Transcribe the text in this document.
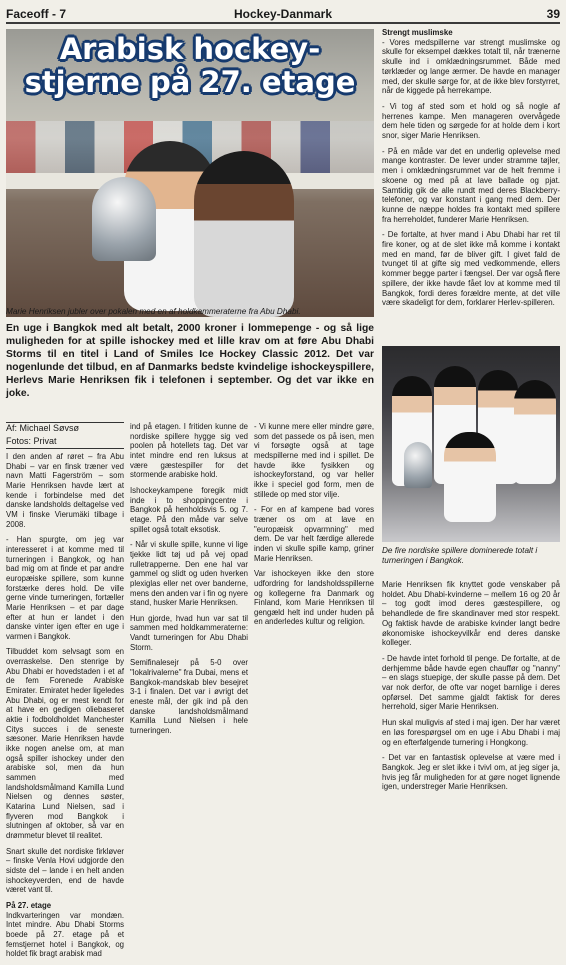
Faceoff - 7	Hockey-Danmark	39
Arabisk hockey-
stjerne på 27. etage
Marie Henriksen jubler over pokalen med en af holdkammeraterne fra Abu Dhabi.
En uge i Bangkok med alt betalt, 2000 kroner i lommepenge - og så lige muligheden for at spille ishockey med et lille krav om at føre Abu Dhabi Storms til en titel i Land of Smiles Ice Hockey Classic 2012. Det var nogenlunde det tilbud, en af Danmarks bedste kvindelige ishockeyspillere, Herlevs Marie Henriksen fik i telefonen i september. Og det var ikke en joke.
Af: Michael Søvsø
Fotos: Privat

I den anden af røret – fra Abu Dhabi – var en finsk træner ved navn Matti Fagerström – som Marie Henriksen havde lært at kende i forbindelse med det danske landsholds deltagelse ved VM i finske Vierumäki tilbage i 2008.

- Han spurgte, om jeg var interesseret i at komme med til turneringen i Bangkok, og han bad mig om at finde et par andre europæiske spillere, som kunne forstærke deres hold. De ville gerne vinde turneringen, fortæller Marie Henriksen – et par dage efter at hun er landet i den danske vinter igen efter en uge i varmen i Bangkok.

Tilbuddet kom selvsagt som en overraskelse. Den stenrige by Abu Dhabi er hovedstaden i et af de fem Forenede Arabiske Emirater. Emiratet heder ligeledes Abu Dhabi, og er mest kendt for at have en gedigen oliebaseret aktie i fodboldholdet Manchester Citys succes i de seneste sæsoner. Marie Henriksen havde ikke nogen anelse om, at man også spiller ishockey under den arabiske sol, men da hun sammen med landsholdsmålmand Kamilla Lund Nielsen og dennes søster, Katarina Lund Nielsen, sad i flyveren mod Bangkok i slutningen af oktober, så var en drømmetur blevet til realitet.

Snart skulle det nordiske firkløver – finske Venla Hovi udgjorde den sidste del – lande i en helt anden ishockeyverden, end de havde været vant til.

På 27. etage

Indkvarteringen var mondæn. Intet mindre. Abu Dhabi Storms boede på 27. etage på et femstjernet hotel i Bangkok, og holdet fik bragt arabisk mad

ind på etagen. I fritiden kunne de nordiske spillere hygge sig ved poolen på hotellets tag. Det var intet mindre end ren luksus at være gæstespiller for det stormende arabiske hold.

Ishockeykampene foregik midt inde i to shoppingcentre i Bangkok på henholdsvis 5. og 7. etage. På den måde var selve spillet også totalt eksotisk.

- Når vi skulle spille, kunne vi lige tjekke lidt tøj ud på vej opad rulletrapperne. Den ene hal var gammel og slidt og uden hverken plexiglas eller net over banderne, mens den anden var i fin og nyere stand, husker Marie Henriksen.

Hun gjorde, hvad hun var sat til sammen med holdkammeraterne: Vandt turneringen for Abu Dhabi Storm.

Semifinalesejr på 5-0 over "lokalrivalerne" fra Dubai, mens et Bangkok-mandskab blev besejret 3-1 i finalen. Det var i øvrigt det eneste mål, der gik ind på den danske landsholdsmålmand Kamilla Lund Nielsen i hele turneringen.

- Vi kunne mere eller mindre gøre, som det passede os på isen, men vi forsøgte også at tage medspillerne med ind i spillet. De havde ikke fysikken og ishockeyforstand, og var heller ikke i speciel god form, men de stillede op med stor vilje.

- For en af kampene bad vores træner os om at lave en "europæisk opvarmning" med dem. De var helt færdige allerede inden vi skulle spille kamp, griner Marie Henriksen.

Var ishockeyen ikke den store udfordring for landsholdsspillerne og kollegerne fra Danmark og Finland, kom Marie Henriksen til gengæld helt ind under huden på en anderledes kultur og religion.

Strengt muslimske

- Vores medspillerne var strengt muslimske og skulle for eksempel dækkes totalt til, når trænerne skulle ind i omklædningsrummet. Både med tørklæder og lange ærmer. De havde en manager med, der skulle sørge for, at de ikke blev forstyrret, når de kiggede på herrekampe.

- Vi tog af sted som et hold og så nogle af herrenes kampe. Men manageren overvågede dem hele tiden og sørgede for at holde dem i kort snor, siger Marie Henriksen.

- På en måde var det en underlig oplevelse med mange kontraster. De lever under stramme tøjler, men i omklædningsrummet var de helt fremme i skoene og med på at lave ballade og pjat. Samtidig gik de alle rundt med deres Blackberry-telefoner, og var konstant i gang med dem. Der kunne de næppe holdes fra kontakt med spillere fra herreholdet, funderer Marie Henriksen.

- De fortalte, at hver mand i Abu Dhabi har ret til fire koner, og at de slet ikke må komme i kontakt med en mand, før de bliver gift. I givet fald de tvunget til at gifte sig med vedkommende, ellers kommer begge parter i fængsel. Der var også flere spillere, der ikke havde fået lov at komme med til Bangkok, fordi deres forældre mente, at det ville være skadeligt for dem, forklarer Herlev-spilleren.

De fire nordiske spillere dominerede totalt i turneringen i Bangkok.

Marie Henriksen fik knyttet gode venskaber på holdet. Abu Dhabi-kvinderne – mellem 16 og 20 år – tog godt imod deres gæstespillere, og behandlede de fire skandinaver med stor respekt. Og faktisk havde de arabiske kvinder langt bedre økonomiske ishockeyvilkår end deres danske kolleger.

- De havde intet forhold til penge. De fortalte, at de derhjemme både havde egen chauffør og "nanny" – en slags stuepige, der skulle passe på dem. Det var nok derfor, de ofte var noget barnlige i deres opførsel. Det samme gjaldt faktisk for deres herrehold, siger Marie Henriksen.

Hun skal muligvis af sted i maj igen. Der har været en løs forespørgsel om en uge i Abu Dhabi i maj og en efterfølgende turnering i Hongkong.

- Det var en fantastisk oplevelse at være med i Bangkok. Jeg er slet ikke i tvivl om, at jeg siger ja, hvis jeg får muligheden for at gøre noget lignende igen, understreger Marie Henriksen.
